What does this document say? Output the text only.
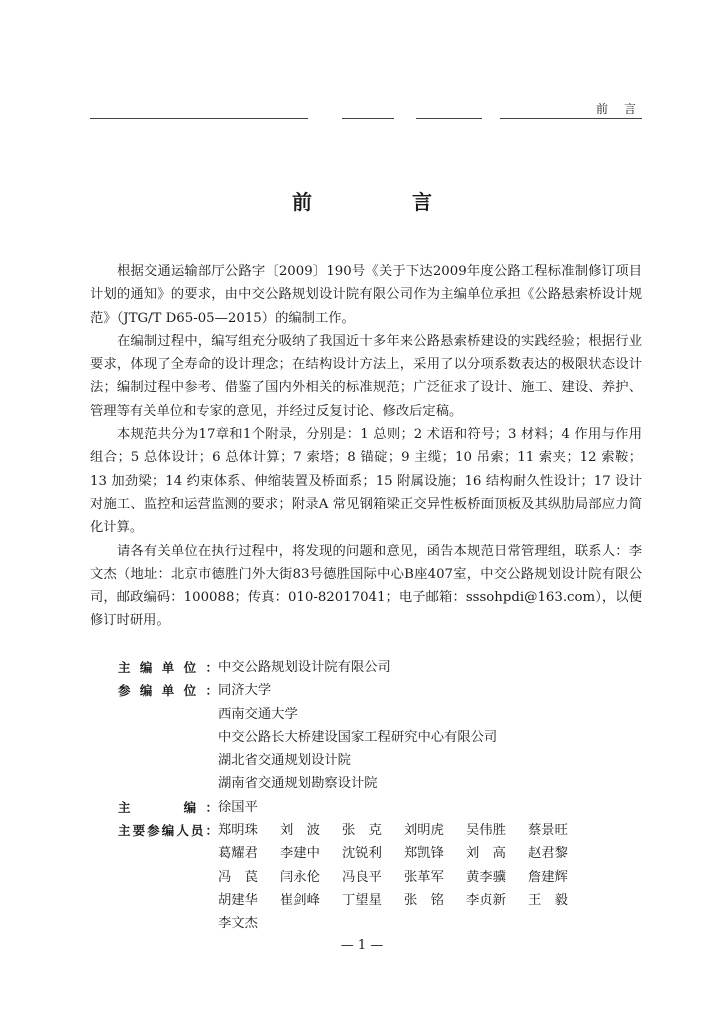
前言
前　言

根据交通运输部厅公路字〔2009〕190号《关于下达2009年度公路工程标准制修订项目计划的通知》的要求，由中交公路规划设计院有限公司作为主编单位承担《公路悬索桥设计规范》（JTG/T D65-05—2015）的编制工作。

在编制过程中，编写组充分吸纳了我国近十多年来公路悬索桥建设的实践经验；根据行业要求，体现了全寿命的设计理念；在结构设计方法上，采用了以分项系数表达的极限状态设计法；编制过程中参考、借鉴了国内外相关的标准规范；广泛征求了设计、施工、建设、养护、管理等有关单位和专家的意见，并经过反复讨论、修改后定稿。

本规范共分为17章和1个附录，分别是：1 总则；2 术语和符号；3 材料；4 作用与作用组合；5 总体设计；6 总体计算；7 索塔；8 锚碇；9 主缆；10 吊索；11 索夹；12 索鞍；13 加劲梁；14 约束体系、伸缩装置及桥面系；15 附属设施；16 结构耐久性设计；17 设计对施工、监控和运营监测的要求；附录A 常见钢箱梁正交异性板桥面顶板及其纵肋局部应力简化计算。

请各有关单位在执行过程中，将发现的问题和意见，函告本规范日常管理组，联系人：李文杰（地址：北京市德胜门外大街83号德胜国际中心B座407室，中交公路规划设计院有限公司，邮政编码：100088；传真：010-82017041；电子邮箱：sssohpdi@163.com），以便修订时研用。

主编单位： 中交公路规划设计院有限公司
参编单位： 同济大学
西南交通大学
中交公路长大桥建设国家工程研究中心有限公司
湖北省交通规划设计院
湖南省交通规划勘察设计院
主　　编： 徐国平
主要参编人员： 郑明珠	刘　波	张　克	刘明虎	吴伟胜	蔡景旺
葛耀君	李建中	沈锐利	郑凯锋	刘　高	赵君黎
冯　苠	闫永伦	冯良平	张革军	黄李骥	詹建辉
胡建华	崔剑峰	丁望星	张　铭	李贞新	王　毅
李文杰
— 1 —
